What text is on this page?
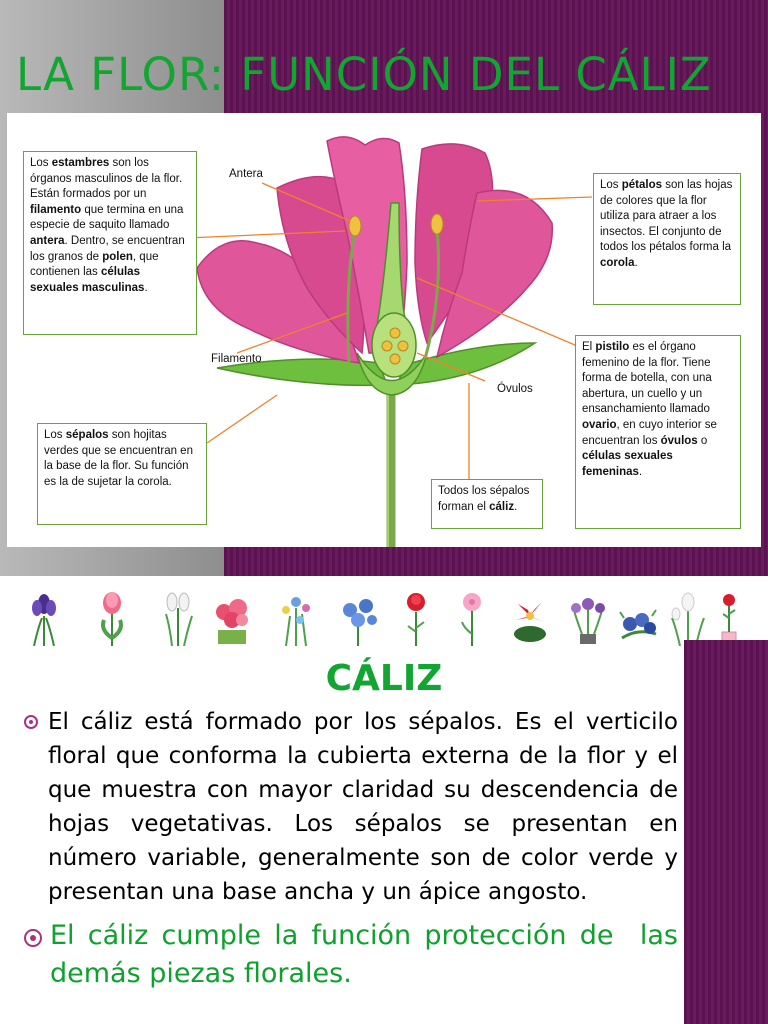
LA FLOR: FUNCIÓN DEL CÁLIZ
Antera
Filamento
Óvulos
Los estambres son los órganos masculinos de la flor. Están formados por un filamento que termina en una especie de saquito llamado antera. Dentro, se encuentran los granos de polen, que contienen las células sexuales masculinas.
Los pétalos son las hojas de colores que la flor utiliza para atraer a los insectos. El conjunto de todos los pétalos forma la corola.
El pistilo es el órgano femenino de la flor. Tiene forma de botella, con una abertura, un cuello y un ensanchamiento llamado ovario, en cuyo interior se encuentran los óvulos o células sexuales femeninas.
Los sépalos son hojitas verdes que se encuentran en la base de la flor. Su función es la de sujetar la corola.
Todos los sépalos forman el cáliz.
CÁLIZ
El cáliz está formado por los sépalos. Es el verticilo floral que conforma la cubierta externa de la flor y el que muestra con mayor claridad su descendencia de hojas vegetativas. Los sépalos se presentan en número variable, generalmente son de color verde y presentan una base ancha y un ápice angosto.
El cáliz cumple la función protección de  las demás piezas florales.
